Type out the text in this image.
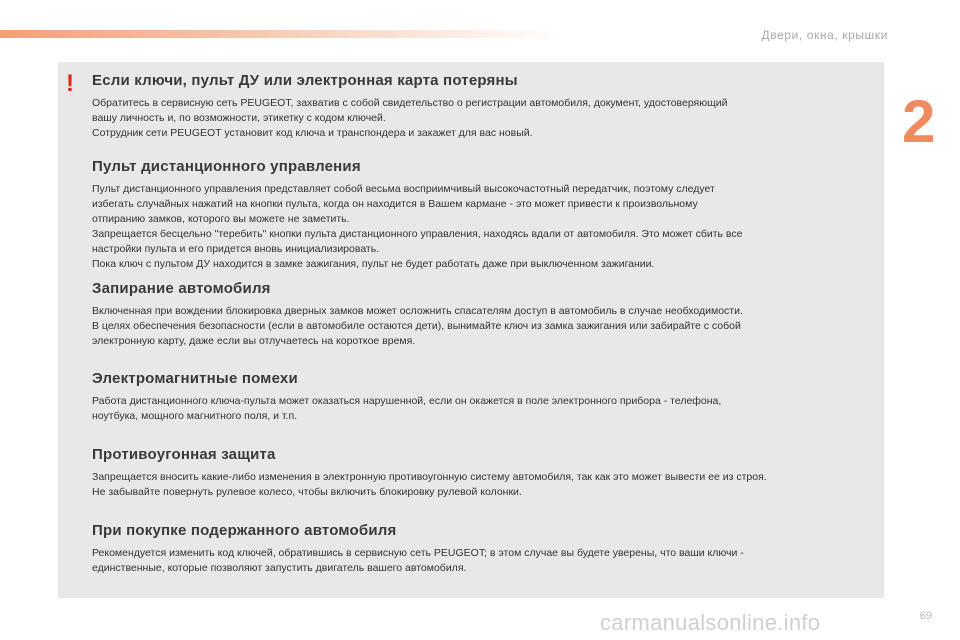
Двери, окна, крышки
2
! Если ключи, пульт ДУ или электронная карта потеряны

Обратитесь в сервисную сеть PEUGEOT, захватив с собой свидетельство о регистрации автомобиля, документ, удостоверяющий
вашу личность и, по возможности, этикетку с кодом ключей.
Сотрудник сети PEUGEOT установит код ключа и транспондера и закажет для вас новый.

Пульт дистанционного управления

Пульт дистанционного управления представляет собой весьма восприимчивый высокочастотный передатчик, поэтому следует
избегать случайных нажатий на кнопки пульта, когда он находится в Вашем кармане - это может привести к произвольному
отпиранию замков, которого вы можете не заметить.
Запрещается бесцельно "теребить" кнопки пульта дистанционного управления, находясь вдали от автомобиля. Это может сбить все
настройки пульта и его придется вновь инициализировать.
Пока ключ с пультом ДУ находится в замке зажигания, пульт не будет работать даже при выключенном зажигании.

Запирание автомобиля

Включенная при вождении блокировка дверных замков может осложнить спасателям доступ в автомобиль в случае необходимости.
В целях обеспечения безопасности (если в автомобиле остаются дети), вынимайте ключ из замка зажигания или забирайте с собой
электронную карту, даже если вы отлучаетесь на короткое время.

Электромагнитные помехи

Работа дистанционного ключа-пульта может оказаться нарушенной, если он окажется в поле электронного прибора - телефона,
ноутбука, мощного магнитного поля, и т.п.

Противоугонная защита

Запрещается вносить какие-либо изменения в электронную противоугонную систему автомобиля, так как это может вывести ее из строя.
Не забывайте повернуть рулевое колесо, чтобы включить блокировку рулевой колонки.

При покупке подержанного автомобиля

Рекомендуется изменить код ключей, обратившись в сервисную сеть PEUGEOT; в этом случае вы будете уверены, что ваши ключи -
единственные, которые позволяют запустить двигатель вашего автомобиля.

carmanualsonline.info	69
